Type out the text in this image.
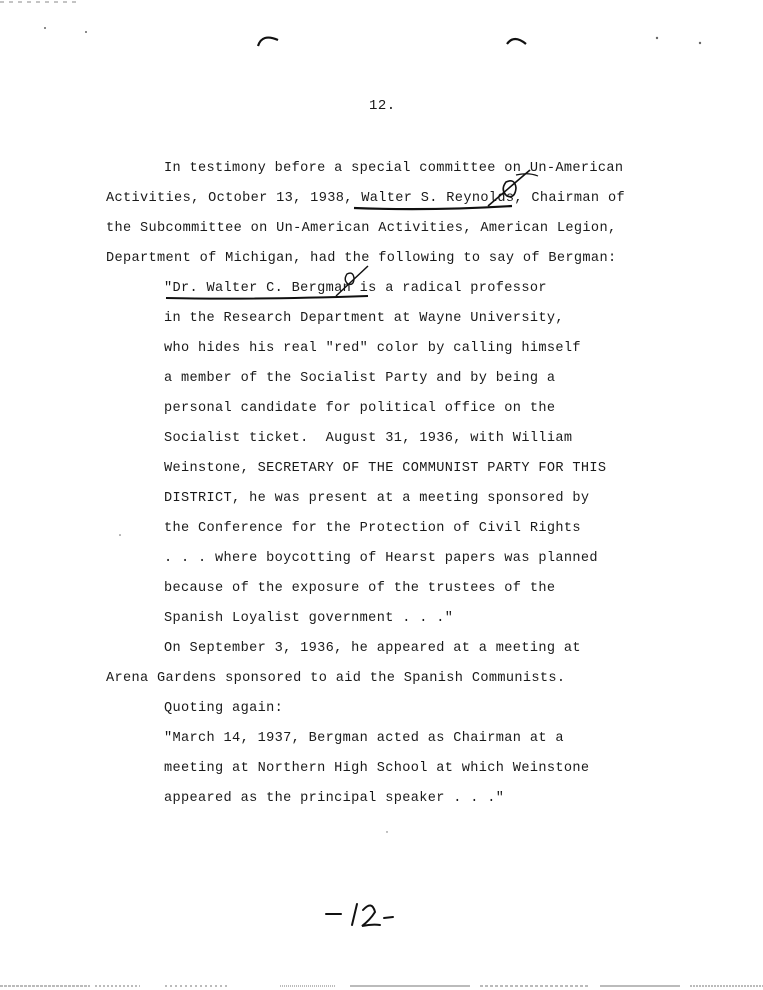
12.
In testimony before a special committee on Un-American
Activities, October 13, 1938, Walter S. Reynolds, Chairman of
the Subcommittee on Un-American Activities, American Legion,
Department of Michigan, had the following to say of Bergman:
"Dr. Walter C. Bergman is a radical professor
in the Research Department at Wayne University,
who hides his real "red" color by calling himself
a member of the Socialist Party and by being a
personal candidate for political office on the
Socialist ticket.  August 31, 1936, with William
Weinstone, SECRETARY OF THE COMMUNIST PARTY FOR THIS
DISTRICT, he was present at a meeting sponsored by
the Conference for the Protection of Civil Rights
. . . where boycotting of Hearst papers was planned
because of the exposure of the trustees of the
Spanish Loyalist government . . ."
On September 3, 1936, he appeared at a meeting at
Arena Gardens sponsored to aid the Spanish Communists.
Quoting again:
"March 14, 1937, Bergman acted as Chairman at a
meeting at Northern High School at which Weinstone
appeared as the principal speaker . . ."
